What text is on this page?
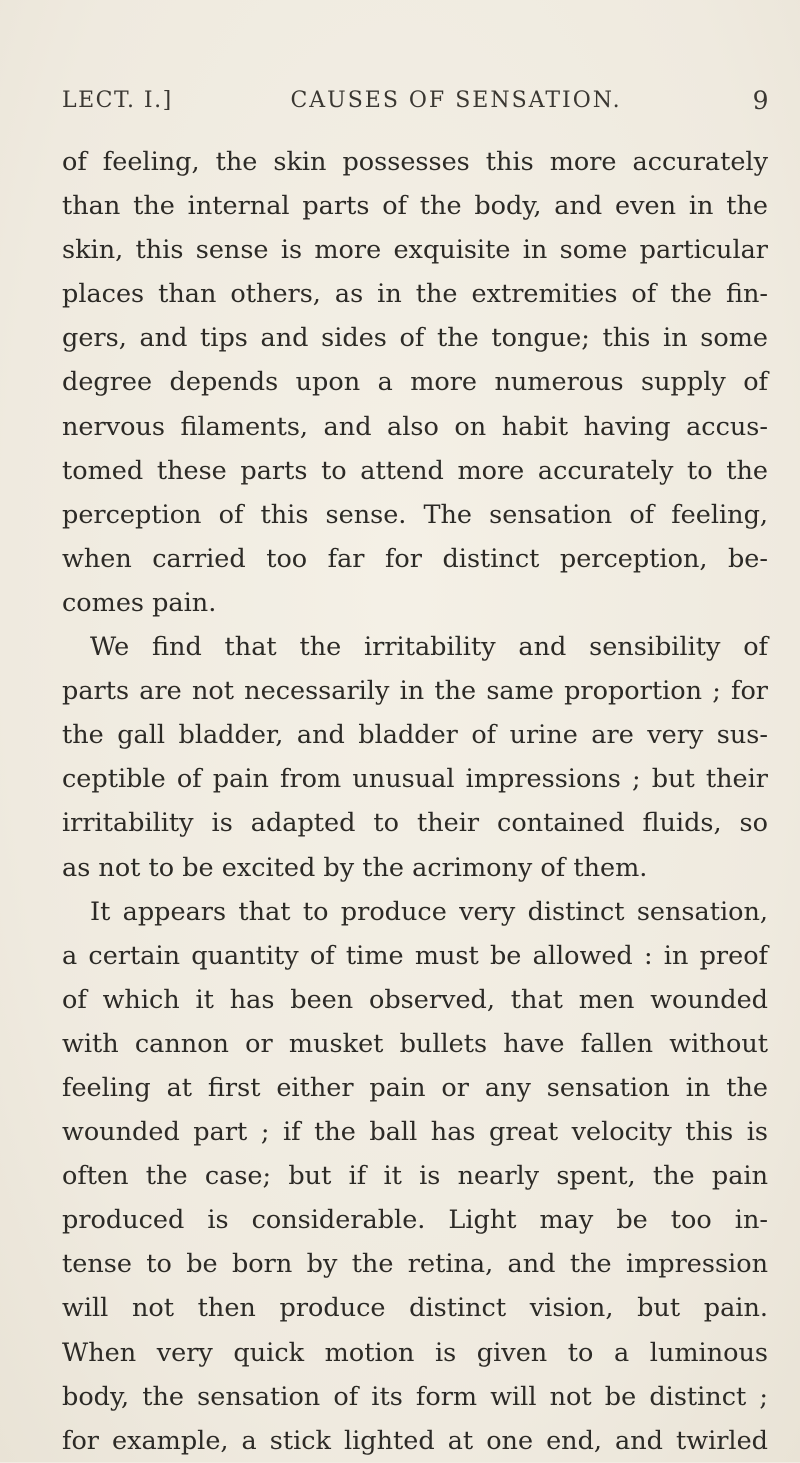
LECT. I.]	CAUSES OF SENSATION.	9
of feeling, the skin possesses this more accurately
than the internal parts of the body, and even in the
skin, this sense is more exquisite in some particular
places than others, as in the extremities of the fin-
gers, and tips and sides of the tongue; this in some
degree depends upon a more numerous supply of
nervous filaments, and also on habit having accus-
tomed these parts to attend more accurately to the
perception of this sense. The sensation of feeling,
when carried too far for distinct perception, be-
comes pain.
We find that the irritability and sensibility of
parts are not necessarily in the same proportion ; for
the gall bladder, and bladder of urine are very sus-
ceptible of pain from unusual impressions ; but their
irritability is adapted to their contained fluids, so
as not to be excited by the acrimony of them.
It appears that to produce very distinct sensation,
a certain quantity of time must be allowed : in preof
of which it has been observed, that men wounded
with cannon or musket bullets have fallen without
feeling at first either pain or any sensation in the
wounded part ; if the ball has great velocity this is
often the case; but if it is nearly spent, the pain
produced is considerable. Light may be too in-
tense to be born by the retina, and the impression
will not then produce distinct vision, but pain.
When very quick motion is given to a luminous
body, the sensation of its form will not be distinct ;
for example, a stick lighted at one end, and twirled
